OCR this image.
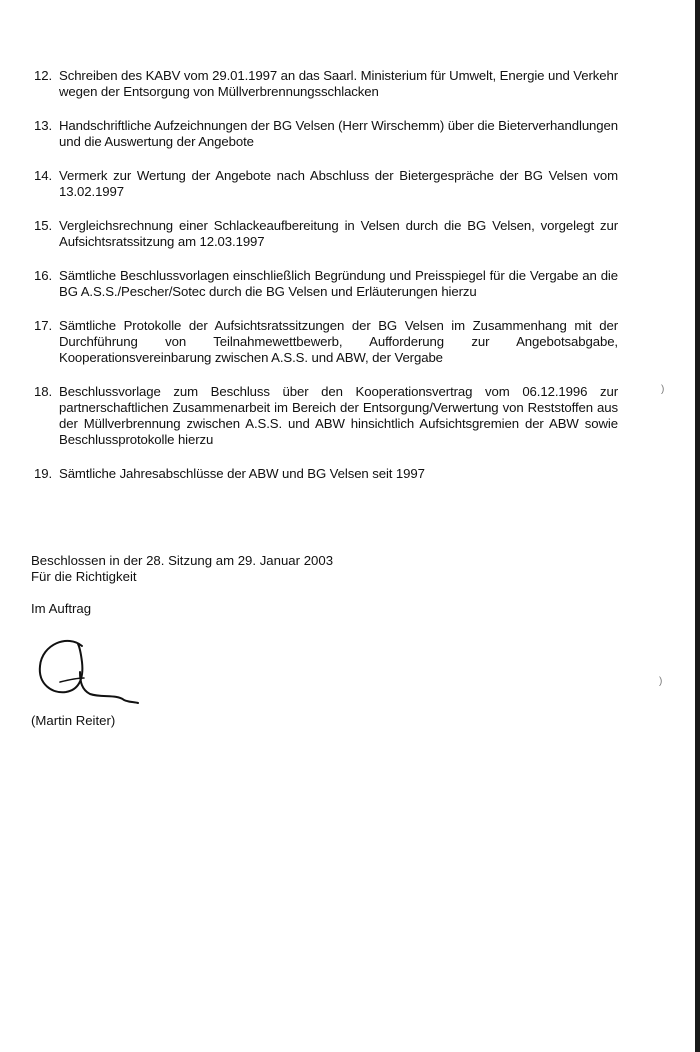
12. Schreiben des KABV vom 29.01.1997 an das Saarl. Ministerium für Umwelt, Energie und Verkehr wegen der Entsorgung von Müllverbrennungsschlacken
13. Handschriftliche Aufzeichnungen der BG Velsen (Herr Wirschemm) über die Bieterverhandlungen und die Auswertung der Angebote
14. Vermerk zur Wertung der Angebote nach Abschluss der Bietergespräche der BG Velsen vom 13.02.1997
15. Vergleichsrechnung einer Schlackeaufbereitung in Velsen durch die BG Velsen, vorgelegt zur Aufsichtsratssitzung am 12.03.1997
16. Sämtliche Beschlussvorlagen einschließlich Begründung und Preisspiegel für die Vergabe an die BG A.S.S./Pescher/Sotec durch die BG Velsen und Erläuterungen hierzu
17. Sämtliche Protokolle der Aufsichtsratssitzungen der BG Velsen im Zusammenhang mit der Durchführung von Teilnahmewettbewerb, Aufforderung zur Angebotsabgabe, Kooperationsvereinbarung zwischen A.S.S. und ABW, der Vergabe
18. Beschlussvorlage zum Beschluss über den Kooperationsvertrag vom 06.12.1996 zur partnerschaftlichen Zusammenarbeit im Bereich der Entsorgung/Verwertung von Reststoffen aus der Müllverbrennung zwischen A.S.S. und ABW hinsichtlich Aufsichtsgremien der ABW sowie Beschlussprotokolle hierzu
19. Sämtliche Jahresabschlüsse der ABW und BG Velsen seit 1997
Beschlossen in der 28. Sitzung am 29. Januar 2003
Für die Richtigkeit
Im Auftrag
(Martin Reiter)
)
)
